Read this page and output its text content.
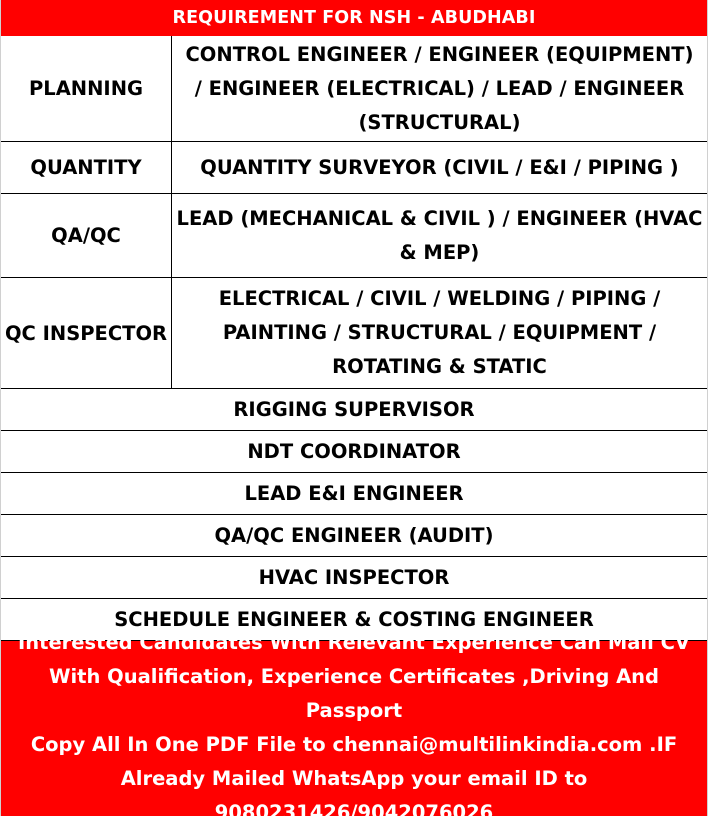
REQUIREMENT FOR NSH - ABUDHABI
PLANNING
CONTROL ENGINEER / ENGINEER (EQUIPMENT)
/ ENGINEER (ELECTRICAL) / LEAD / ENGINEER
(STRUCTURAL)
QUANTITY	QUANTITY SURVEYOR (CIVIL / E&I / PIPING )
QA/QC
LEAD (MECHANICAL & CIVIL ) / ENGINEER (HVAC
& MEP)
QC INSPECTOR
ELECTRICAL / CIVIL / WELDING / PIPING /
PAINTING / STRUCTURAL / EQUIPMENT /
ROTATING & STATIC
RIGGING SUPERVISOR
NDT COORDINATOR
LEAD E&I ENGINEER
QA/QC ENGINEER (AUDIT)
HVAC INSPECTOR
SCHEDULE ENGINEER & COSTING ENGINEER
Interested Candidates With Relevant Experience Can Mail CV
With Qualification, Experience Certificates ,Driving And Passport
Copy All In One PDF File to chennai@multilinkindia.com .IF
Already Mailed WhatsApp your email ID to
9080231426/9042076026
